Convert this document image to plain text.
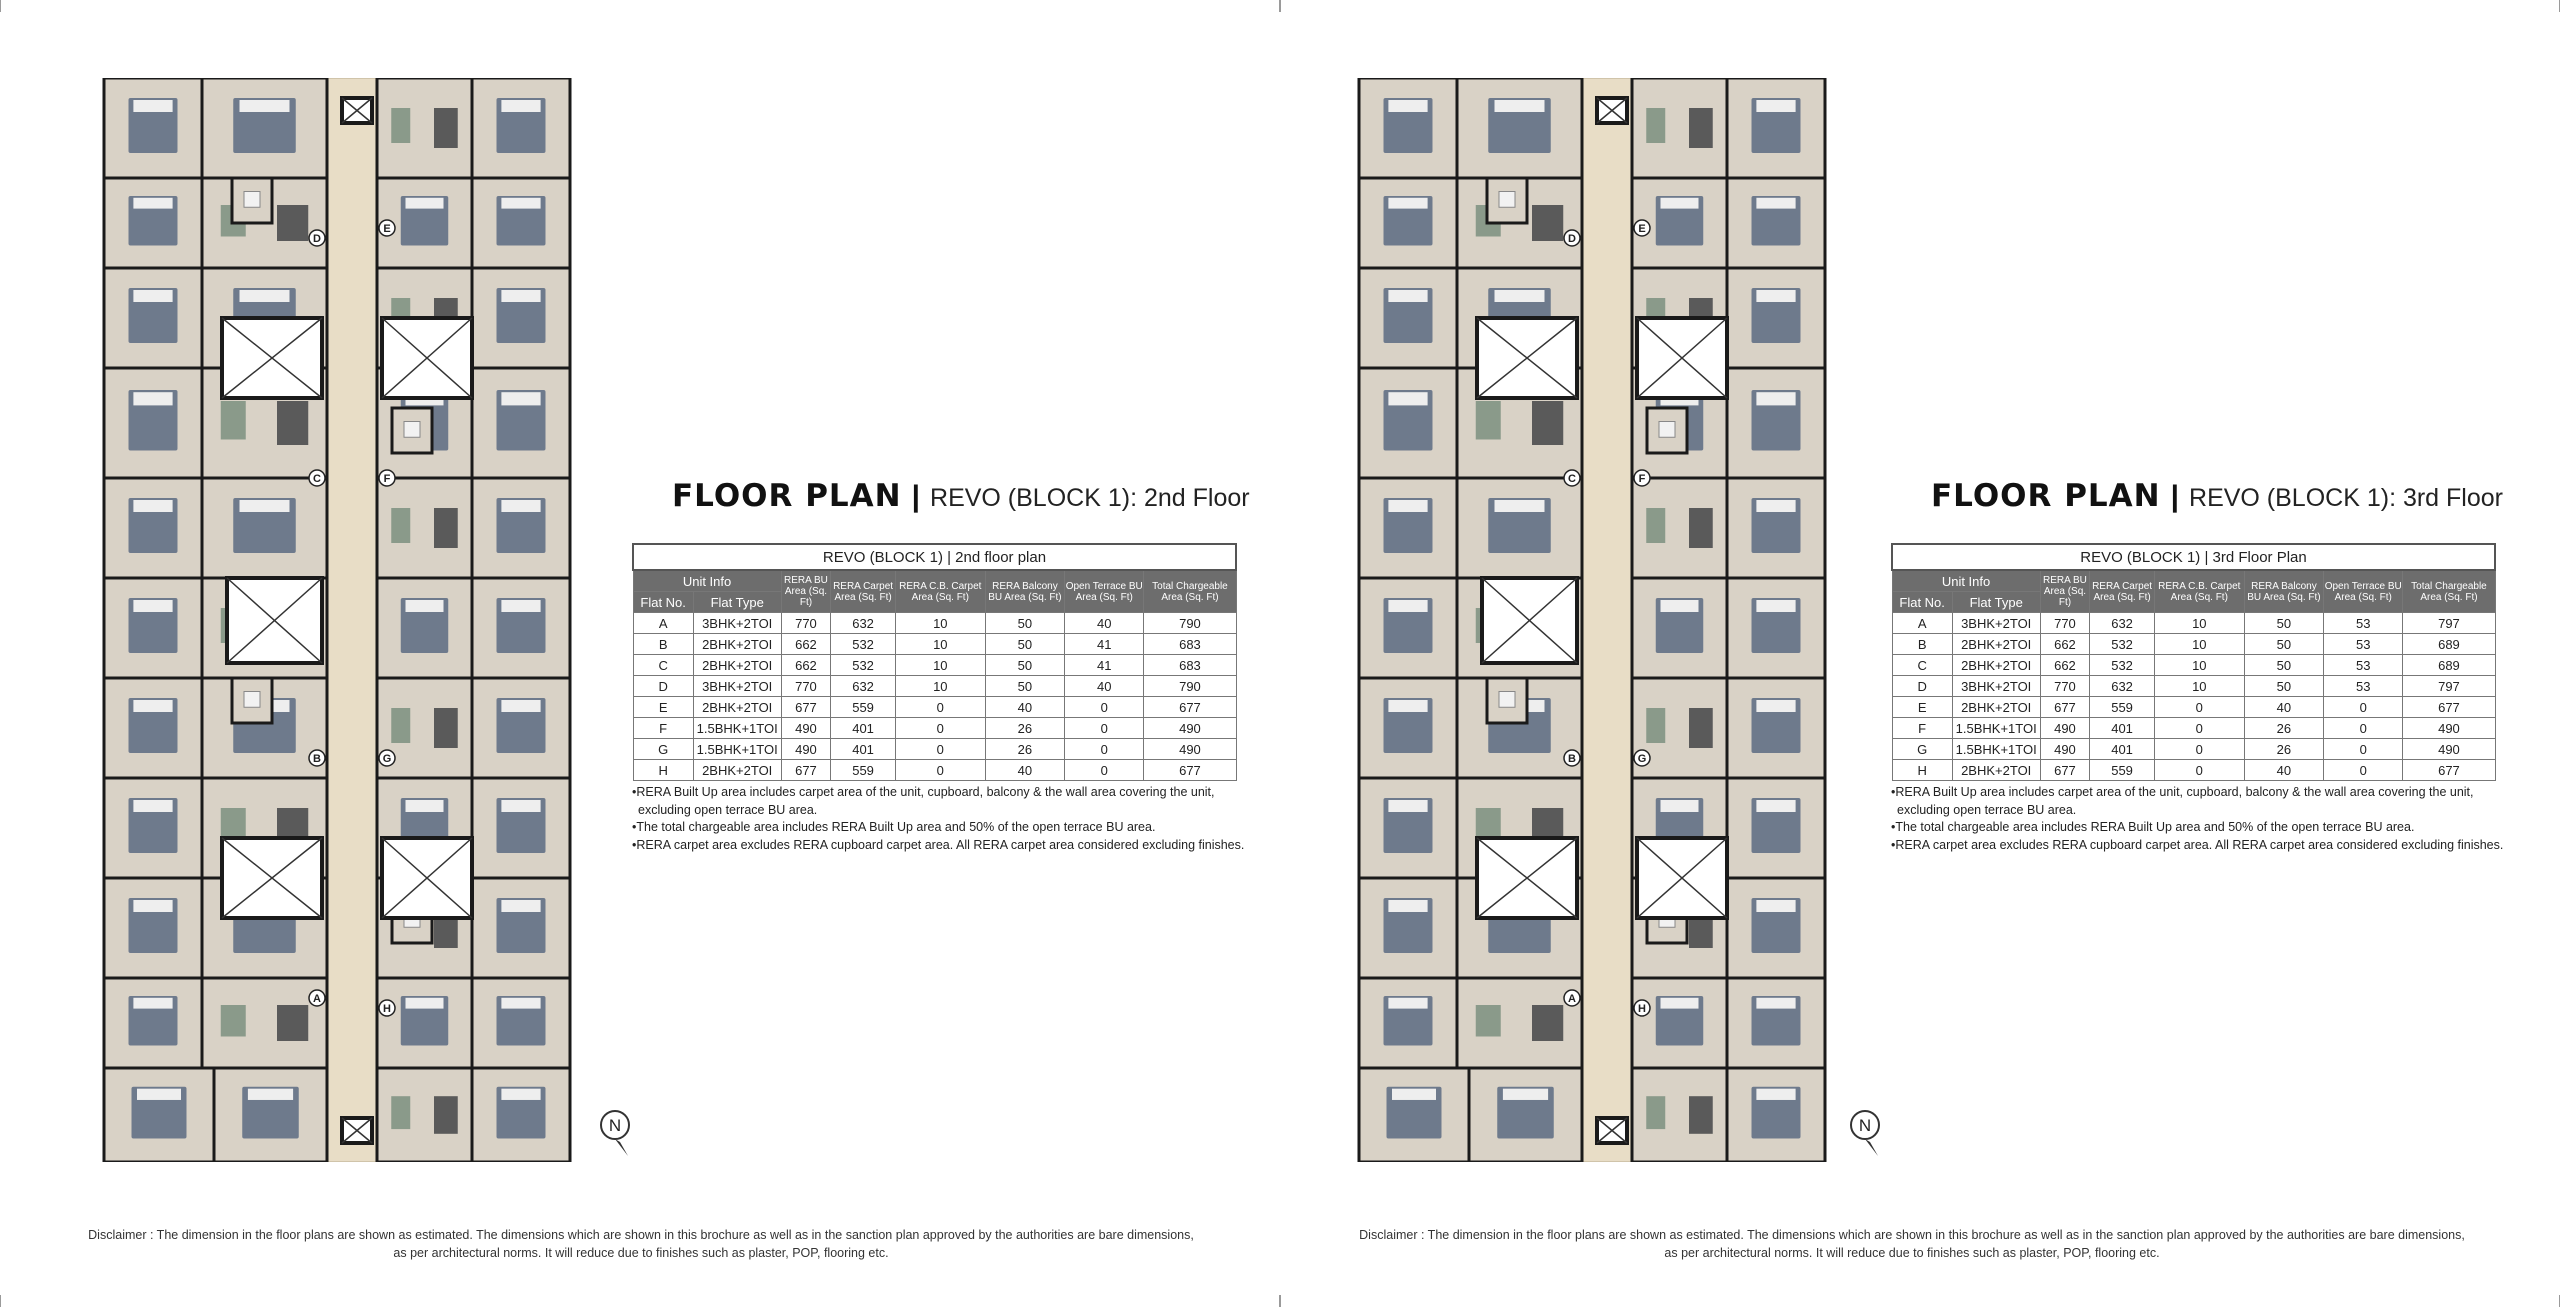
A
B
C
D
E
F
G
H
FLOOR PLAN | REVO (BLOCK 1): 2nd Floor
REVO (BLOCK 1) | 2nd floor plan							
Unit Info		RERA BU Area (Sq. Ft)	RERA Carpet Area (Sq. Ft)	RERA C.B. Carpet Area (Sq. Ft)	RERA Balcony BU Area (Sq. Ft)	Open Terrace BU Area (Sq. Ft)	Total Chargeable Area (Sq. Ft)
Flat No.	Flat Type						
A	3BHK+2TOI	770	632	10	50	40	790
B	2BHK+2TOI	662	532	10	50	41	683
C	2BHK+2TOI	662	532	10	50	41	683
D	3BHK+2TOI	770	632	10	50	40	790
E	2BHK+2TOI	677	559	0	40	0	677
F	1.5BHK+1TOI	490	401	0	26	0	490
G	1.5BHK+1TOI	490	401	0	26	0	490
H	2BHK+2TOI	677	559	0	40	0	677

•RERA Built Up area includes carpet area of the unit, cupboard, balcony & the wall area covering the unit,

excluding open terrace BU area.

•The total chargeable area includes RERA Built Up area and 50% of the open terrace BU area.

•RERA carpet area excludes RERA cupboard carpet area. All RERA carpet area considered excluding finishes.

N
Disclaimer : The dimension in the floor plans are shown as estimated. The dimensions which are shown in this brochure as well as in the sanction plan approved by the authorities are bare dimensions,
as per architectural norms. It will reduce due to finishes such as plaster, POP, flooring etc.
A
B
C
D
E
F
G
H
FLOOR PLAN | REVO (BLOCK 1): 3rd Floor
REVO (BLOCK 1) | 3rd Floor Plan							
Unit Info		RERA BU Area (Sq. Ft)	RERA Carpet Area (Sq. Ft)	RERA C.B. Carpet Area (Sq. Ft)	RERA Balcony BU Area (Sq. Ft)	Open Terrace BU Area (Sq. Ft)	Total Chargeable Area (Sq. Ft)
Flat No.	Flat Type						
A	3BHK+2TOI	770	632	10	50	53	797
B	2BHK+2TOI	662	532	10	50	53	689
C	2BHK+2TOI	662	532	10	50	53	689
D	3BHK+2TOI	770	632	10	50	53	797
E	2BHK+2TOI	677	559	0	40	0	677
F	1.5BHK+1TOI	490	401	0	26	0	490
G	1.5BHK+1TOI	490	401	0	26	0	490
H	2BHK+2TOI	677	559	0	40	0	677

•RERA Built Up area includes carpet area of the unit, cupboard, balcony & the wall area covering the unit,

excluding open terrace BU area.

•The total chargeable area includes RERA Built Up area and 50% of the open terrace BU area.

•RERA carpet area excludes RERA cupboard carpet area. All RERA carpet area considered excluding finishes.

N
Disclaimer : The dimension in the floor plans are shown as estimated. The dimensions which are shown in this brochure as well as in the sanction plan approved by the authorities are bare dimensions,
as per architectural norms. It will reduce due to finishes such as plaster, POP, flooring etc.
